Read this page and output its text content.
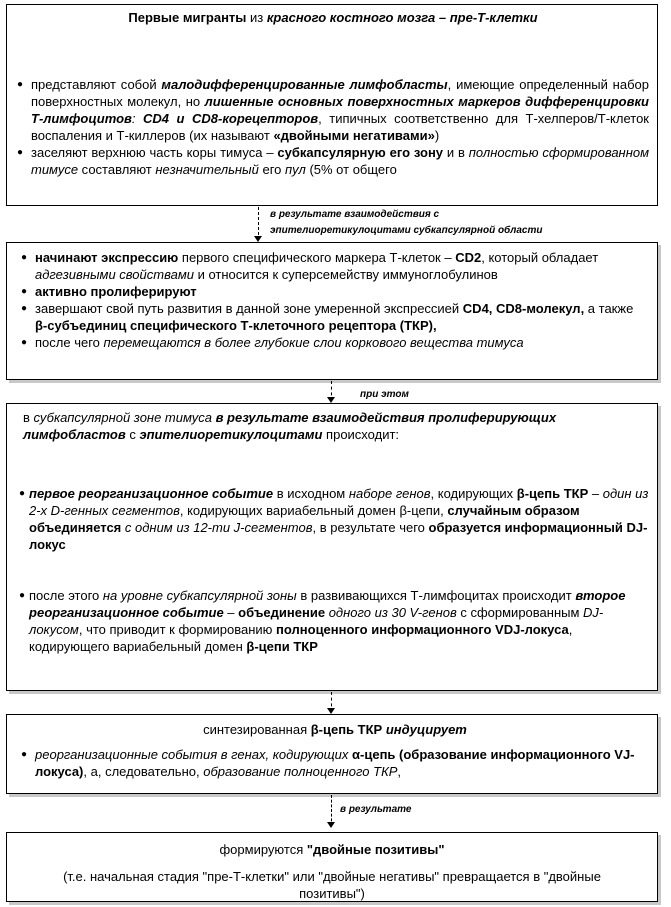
Первые мигранты из красного костного мозга – пре-Т-клетки
● представляют собой малодифференцированные лимфобласты, имеющие определенный набор поверхностных молекул, но лишенные основных поверхностных маркеров дифференцировки Т-лимфоцитов: CD4 и CD8-корецепторов, типичных соответственно для Т-хелперов/Т-клеток воспаления и Т-киллеров (их называют «двойными негативами»)
● заселяют верхнюю часть коры тимуса – субкапсулярную его зону и в полностью сформированном тимусе составляют незначительный его пул (5% от общего
в результате взаимодействия с
эпителиоретикулоцитами субкапсулярной области
● начинают экспрессию первого специфического маркера Т-клеток – CD2, который обладает адгезивными свойствами и относится к суперсемейству иммуноглобулинов
● активно пролиферируют
● завершают свой путь развития в данной зоне умеренной экспрессией CD4, CD8-молекул, а также β-субъединиц специфического Т-клеточного рецептора (ТКР),
● после чего перемещаются в более глубокие слои коркового вещества тимуса
при этом
в субкапсулярной зоне тимуса в результате взаимодействия пролиферирующих лимфобластов с эпителиоретикулоцитами происходит:
● первое реорганизационное событие в исходном наборе генов, кодирующих β-цепь ТКР – один из 2-х D-генных сегментов, кодирующих вариабельный домен β-цепи, случайным образом объединяется с одним из 12-ти J-сегментов, в результате чего образуется информационный DJ-локус
● после этого на уровне субкапсулярной зоны в развивающихся Т-лимфоцитах происходит второе реорганизационное событие – объединение одного из 30 V-генов с сформированным DJ-локусом, что приводит к формированию полноценного информационного VDJ-локуса, кодирующего вариабельный домен β-цепи ТКР
синтезированная β-цепь ТКР индуцирует
● реорганизационные события в генах, кодирующих α-цепь (образование информационного VJ-локуса), а, следовательно, образование полноценного ТКР,
в результате
формируются "двойные позитивы"
(т.е. начальная стадия "пре-Т-клетки" или "двойные негативы" превращается в "двойные позитивы")
